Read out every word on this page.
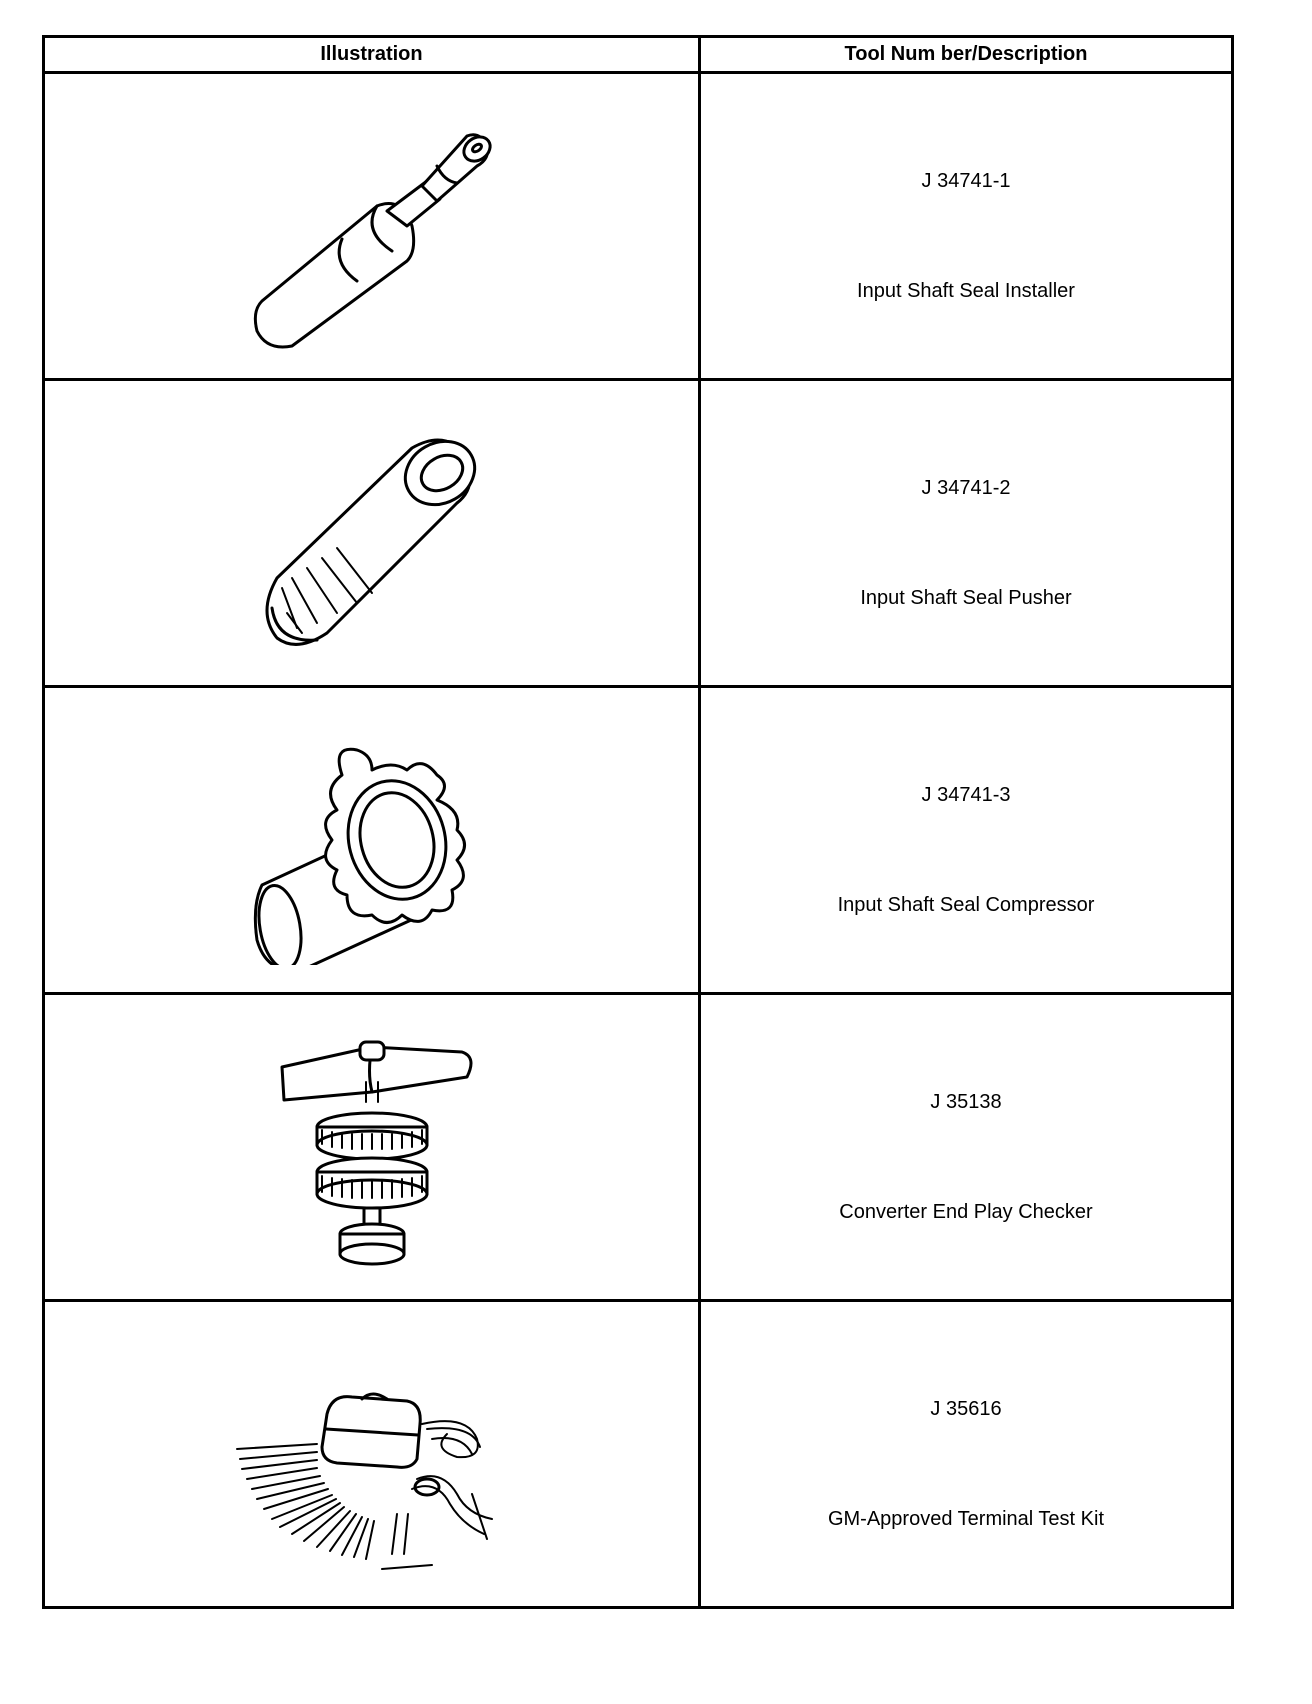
Illustration	Tool Num ber/Description
J 34741-1
Input Shaft Seal Installer
J 34741-2
Input Shaft Seal Pusher
J 34741-3
Input Shaft Seal Compressor
J 35138
Converter End Play Checker
J 35616
GM-Approved Terminal Test Kit
